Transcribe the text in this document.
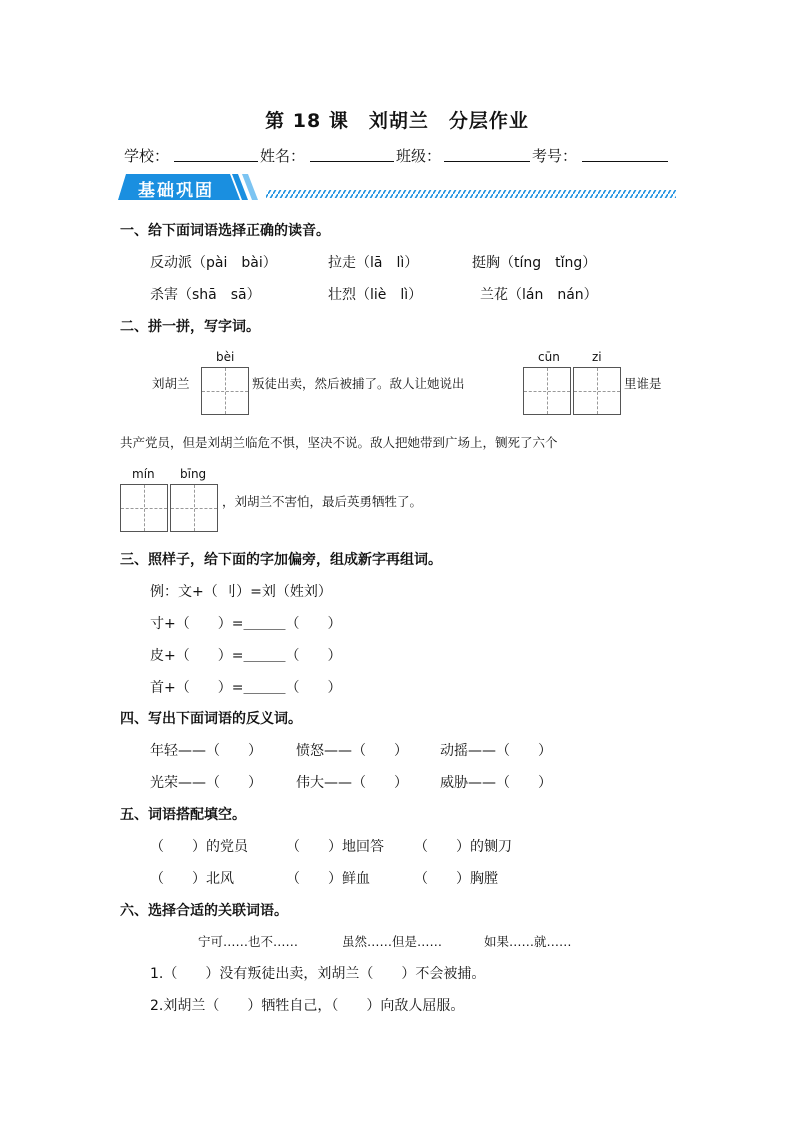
第 18 课　刘胡兰　分层作业
学校：	姓名：	班级：	考号：
基础巩固
一、给下面词语选择正确的读音。
反动派（pài　bài）	拉走（lā　lì）	挺胸（tíng　tǐng）
杀害（shā　sā）	壮烈（liè　lì）	兰花（lán　nán）
二、拼一拼，写字词。
bèi
刘胡兰	叛徒出卖，然后被捕了。敌人让她说出
cūn	zi
里谁是
共产党员，但是刘胡兰临危不惧，坚决不说。敌人把她带到广场上，铡死了六个
mín bīng
，刘胡兰不害怕，最后英勇牺牲了。
三、照样子，给下面的字加偏旁，组成新字再组词。
例：文+（ 刂）=刘（姓刘）
寸+（　　）=＿＿＿（　　）
皮+（　　）=＿＿＿（　　）
首+（　　）=＿＿＿（　　）
四、写出下面词语的反义词。
年轻——（　　） 愤怒——（　　） 动摇——（　　）
光荣——（　　） 伟大——（　　） 威胁——（　　）
五、词语搭配填空。
（　　）的党员	（　　）地回答 （　　）的铡刀
（　　）北风	（　　）鲜血	（　　）胸膛
六、选择合适的关联词语。
宁可……也不……	虽然……但是……	如果……就……
1.（　　）没有叛徒出卖，刘胡兰（　　）不会被捕。
2.刘胡兰（　　）牺牲自己，（　　）向敌人屈服。
